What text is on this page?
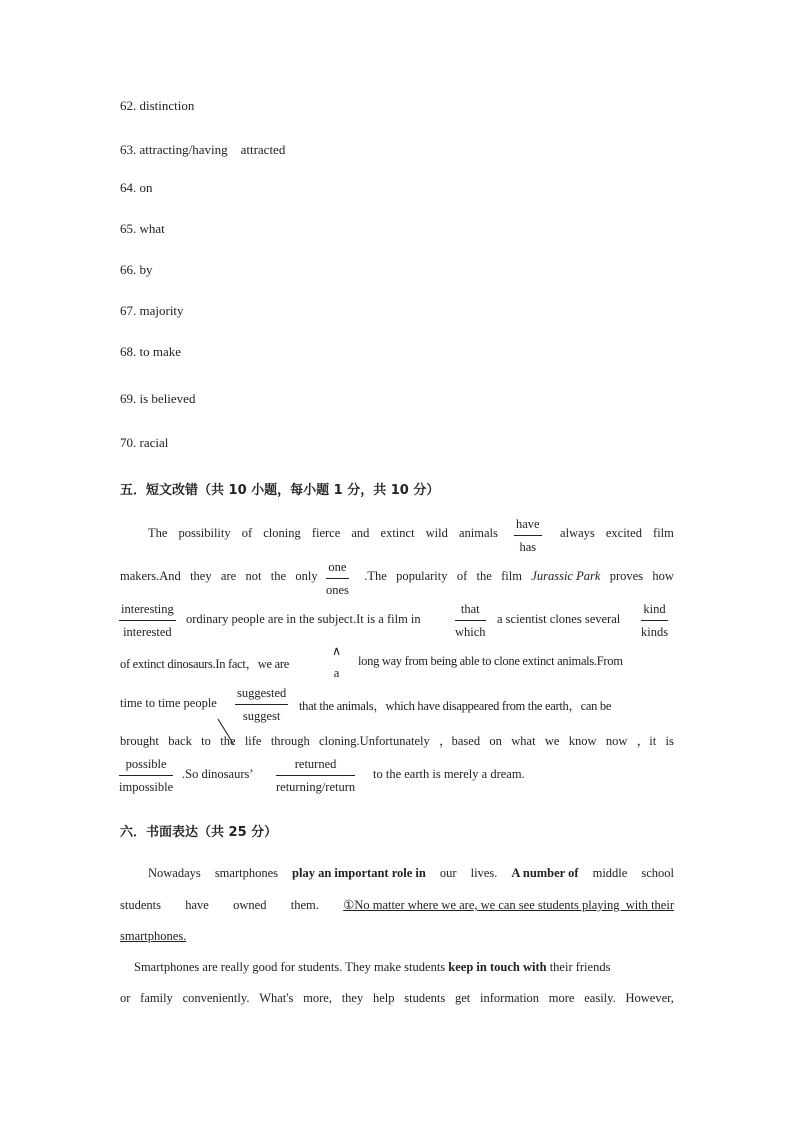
62. distinction
63. attracting/having　attracted
64. on
65. what
66. by
67. majority
68. to make
69. is believed
70. racial
五．短文改错（共 10 小题，每小题 1 分，共 10 分）
The possibility of cloning fierce and extinct wild animals	always excited film
have
has
makers.And they are not the only	.The popularity of the film Jurassic Park proves how
one
ones
interesting
interested
ordinary people are in the subject.It is a film in
that
which
a scientist clones several
kind
kinds
of extinct dinosaurs.In fact，we are
∧
a
long way from being able to clone extinct animals.From
time to time people
suggested
suggest
that the animals，which have disappeared from the earth，can be
brought back to the life through cloning.Unfortunately ，based on what we know now ，it is
possible
impossible
.So dinosaurs’
returned
returning/return
to the earth is merely a dream.
六．书面表达（共 25 分）
Nowadays smartphones play an important role in our lives. A number of middle school
students have owned them. ①No matter where we are, we can see students playing  with their
smartphones.
Smartphones are really good for students. They make students keep in touch with their friends
or family conveniently. What's more, they help students get information more easily. However,
